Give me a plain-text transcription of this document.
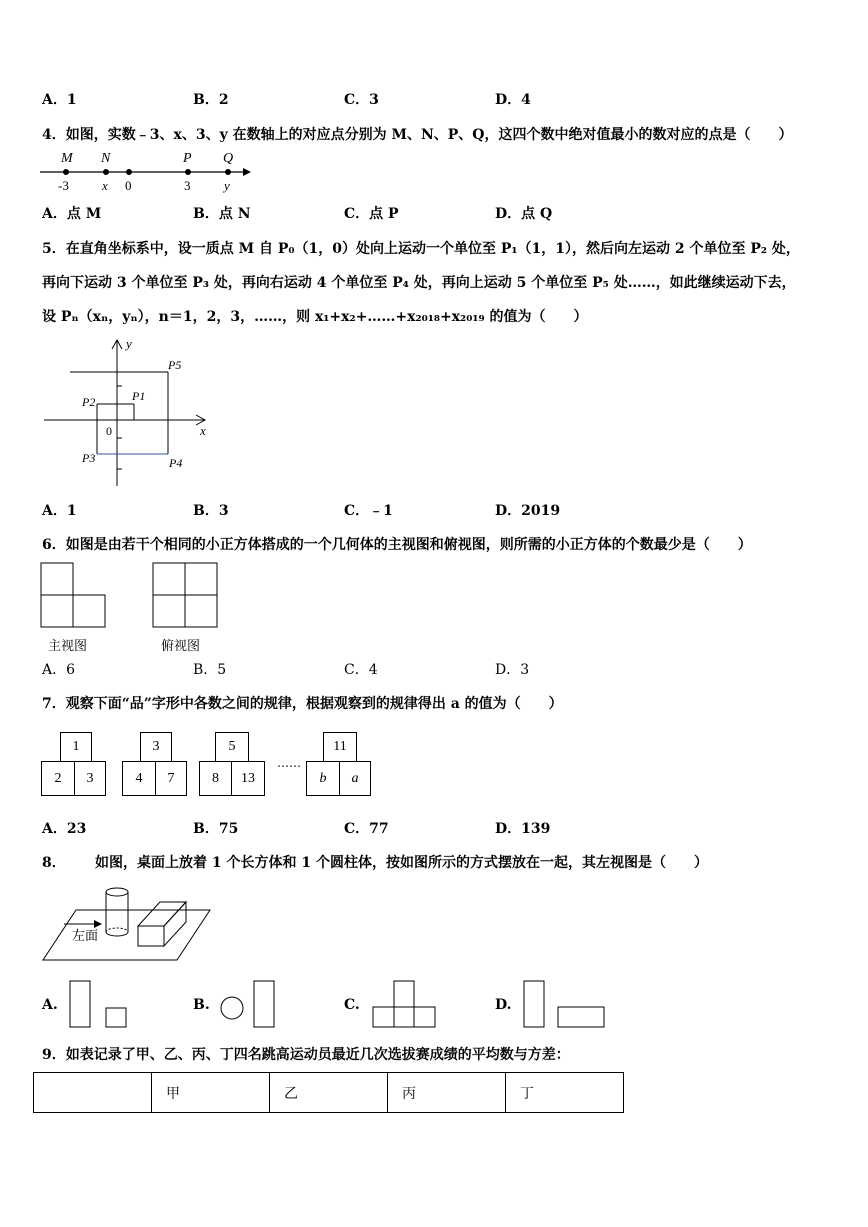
A．1	B．2	C．3	D．4
4．如图，实数﹣3、x、3、y 在数轴上的对应点分别为 M、N、P、Q，这四个数中绝对值最小的数对应的点是（　　）
M N	P Q
-3	x 0	3	y
A．点 M	B．点 N	C．点 P	D．点 Q
5．在直角坐标系中，设一质点 M 自 P₀（1，0）处向上运动一个单位至 P₁（1，1），然后向左运动 2 个单位至 P₂ 处，
再向下运动 3 个单位至 P₃ 处，再向右运动 4 个单位至 P₄ 处，再向上运动 5 个单位至 P₅ 处……，如此继续运动下去，
设 Pₙ（xₙ，yₙ），n＝1，2，3，……，则 x₁+x₂+……+x₂₀₁₈+x₂₀₁₉ 的值为（　　）
y
x
0
P1
P2
P3	P4
P5
A．1	B．3	C．﹣1	D．2019
6．如图是由若干个相同的小正方体搭成的一个几何体的主视图和俯视图，则所需的小正方体的个数最少是（　　）
主视图	俯视图
A．6	B．5	C．4	D．3
7．观察下面“品”字形中各数之间的规律，根据观察到的规律得出 a 的值为（　　）
1
2	3
3
4	7
5
8	13
……
11
b	a
A．23	B．75	C．77	D．139
8． 如图，桌面上放着 1 个长方体和 1 个圆柱体，按如图所示的方式摆放在一起，其左视图是（　　）
左面
A.	B.	C.	D.
9．如表记录了甲、乙、丙、丁四名跳高运动员最近几次选拔赛成绩的平均数与方差：
	甲	乙	丙	丁
